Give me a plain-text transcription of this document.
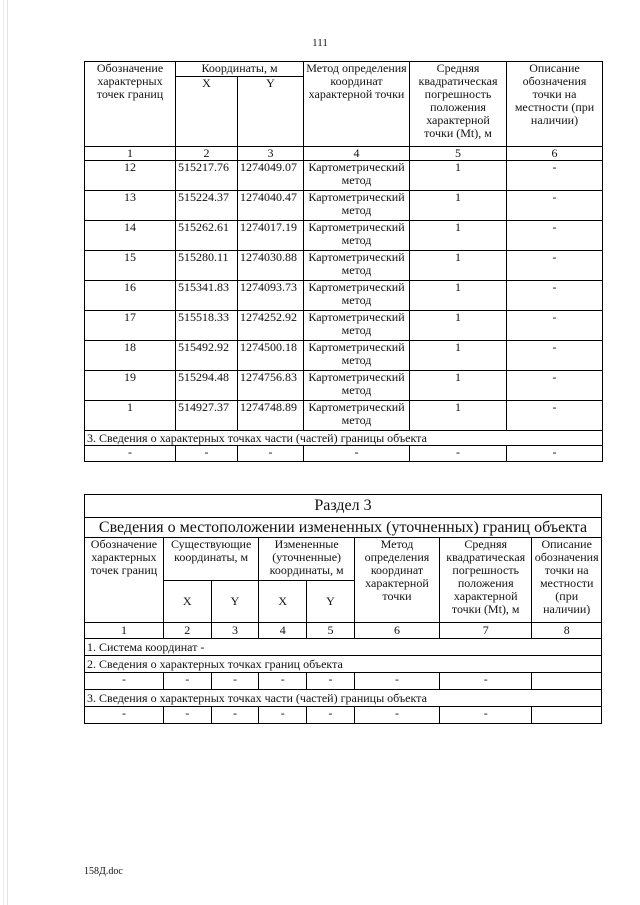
111
Обозначение характерных точек границ	Координаты, м		Метод определения координат характерной точки	Средняя квадратическая погрешность положения характерной точки (Mt), м	Описание обозначения точки на местности (при наличии)
	X	Y			
1	2	3	4	5	6
12	515217.76	1274049.07	Картометрический метод	1	-
13	515224.37	1274040.47	Картометрический метод	1	-
14	515262.61	1274017.19	Картометрический метод	1	-
15	515280.11	1274030.88	Картометрический метод	1	-
16	515341.83	1274093.73	Картометрический метод	1	-
17	515518.33	1274252.92	Картометрический метод	1	-
18	515492.92	1274500.18	Картометрический метод	1	-
19	515294.48	1274756.83	Картометрический метод	1	-
1	514927.37	1274748.89	Картометрический метод	1	-
3. Сведения о характерных точках части (частей) границы объекта					
-	-	-	-	-	-
Раздел 3							
Сведения о местоположении измененных (уточненных) границ объекта							
Обозначение характерных точек границ	Существующие координаты, м		Измененные (уточненные) координаты, м		Метод определения координат характерной точки	Средняя квадратическая погрешность положения характерной точки (Mt), м	Описание обозначения точки на местности (при наличии)
	X	Y	X	Y			
1	2	3	4	5	6	7	8
1. Система координат -							
2. Сведения о характерных точках границ объекта							
-	-	-	-	-	-	-	
3. Сведения о характерных точках части (частей) границы объекта							
-	-	-	-	-	-	-	
158Д.doc
